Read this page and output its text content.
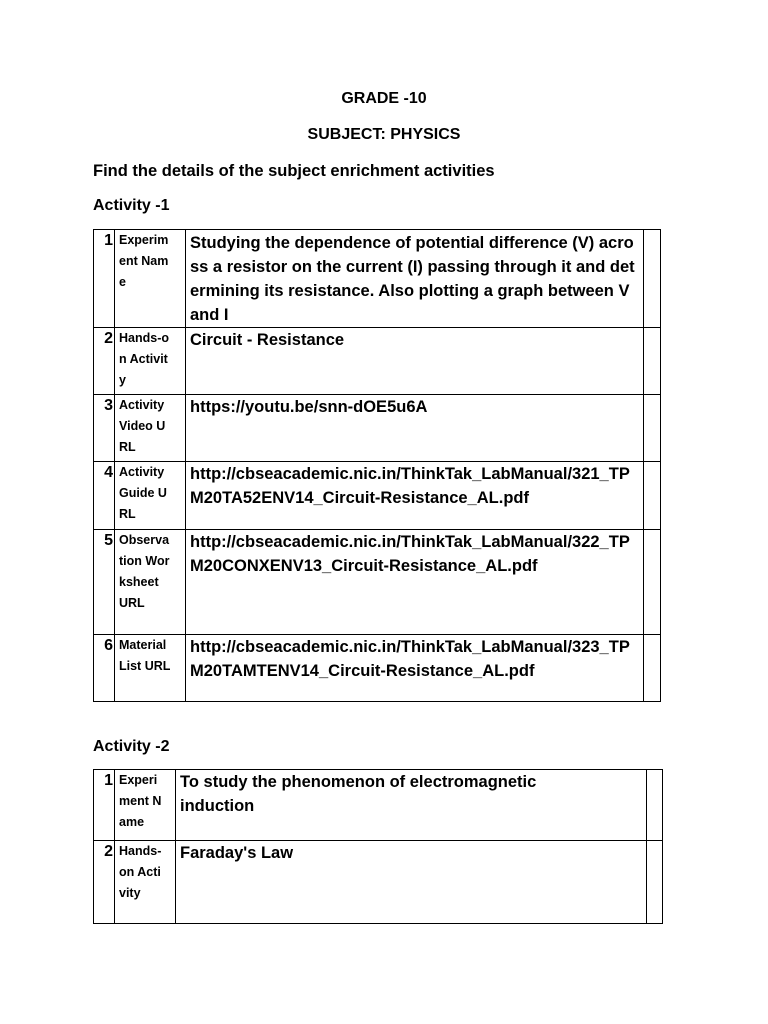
GRADE -10
SUBJECT: PHYSICS
Find the details of the subject enrichment activities
Activity -1
1	Experiment Name	Studying the dependence of potential difference (V) across a resistor on the current (I) passing through it and determining its resistance. Also plotting a graph between V and I	
2	Hands-on Activity	Circuit - Resistance	
3	Activity Video URL	https://youtu.be/snn-dOE5u6A	
4	Activity Guide URL	http://cbseacademic.nic.in/ThinkTak_LabManual/321_TPM20TA52ENV14_Circuit-Resistance_AL.pdf	
5	Observation Worksheet URL	http://cbseacademic.nic.in/ThinkTak_LabManual/322_TPM20CONXENV13_Circuit-Resistance_AL.pdf	
6	Material List URL	http://cbseacademic.nic.in/ThinkTak_LabManual/323_TPM20TAMTENV14_Circuit-Resistance_AL.pdf	
Activity -2
1	Experiment Name	To study the phenomenon of electromagnetic induction	

2	Hands-on Activity	Faraday's Law	
